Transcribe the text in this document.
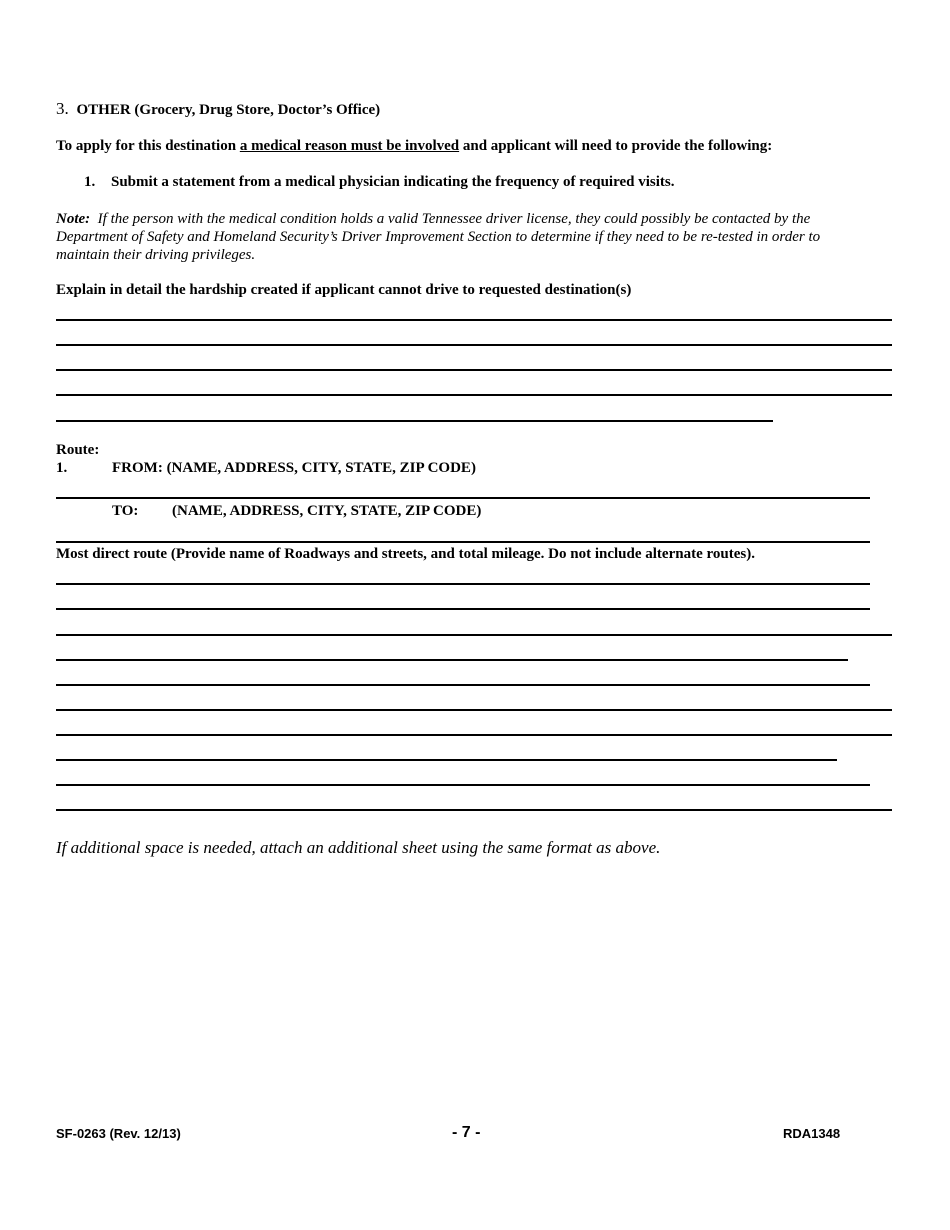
3. OTHER (Grocery, Drug Store, Doctor’s Office)
To apply for this destination a medical reason must be involved and applicant will need to provide the following:
1. Submit a statement from a medical physician indicating the frequency of required visits.
Note: If the person with the medical condition holds a valid Tennessee driver license, they could possibly be contacted by the Department of Safety and Homeland Security’s Driver Improvement Section to determine if they need to be re-tested in order to maintain their driving privileges.
Explain in detail the hardship created if applicant cannot drive to requested destination(s)
Route:
1.	FROM: (NAME, ADDRESS, CITY, STATE, ZIP CODE)
TO: (NAME, ADDRESS, CITY, STATE, ZIP CODE)
Most direct route (Provide name of Roadways and streets, and total mileage. Do not include alternate routes).
If additional space is needed, attach an additional sheet using the same format as above.
SF-0263 (Rev. 12/13)	- 7 -	RDA1348
